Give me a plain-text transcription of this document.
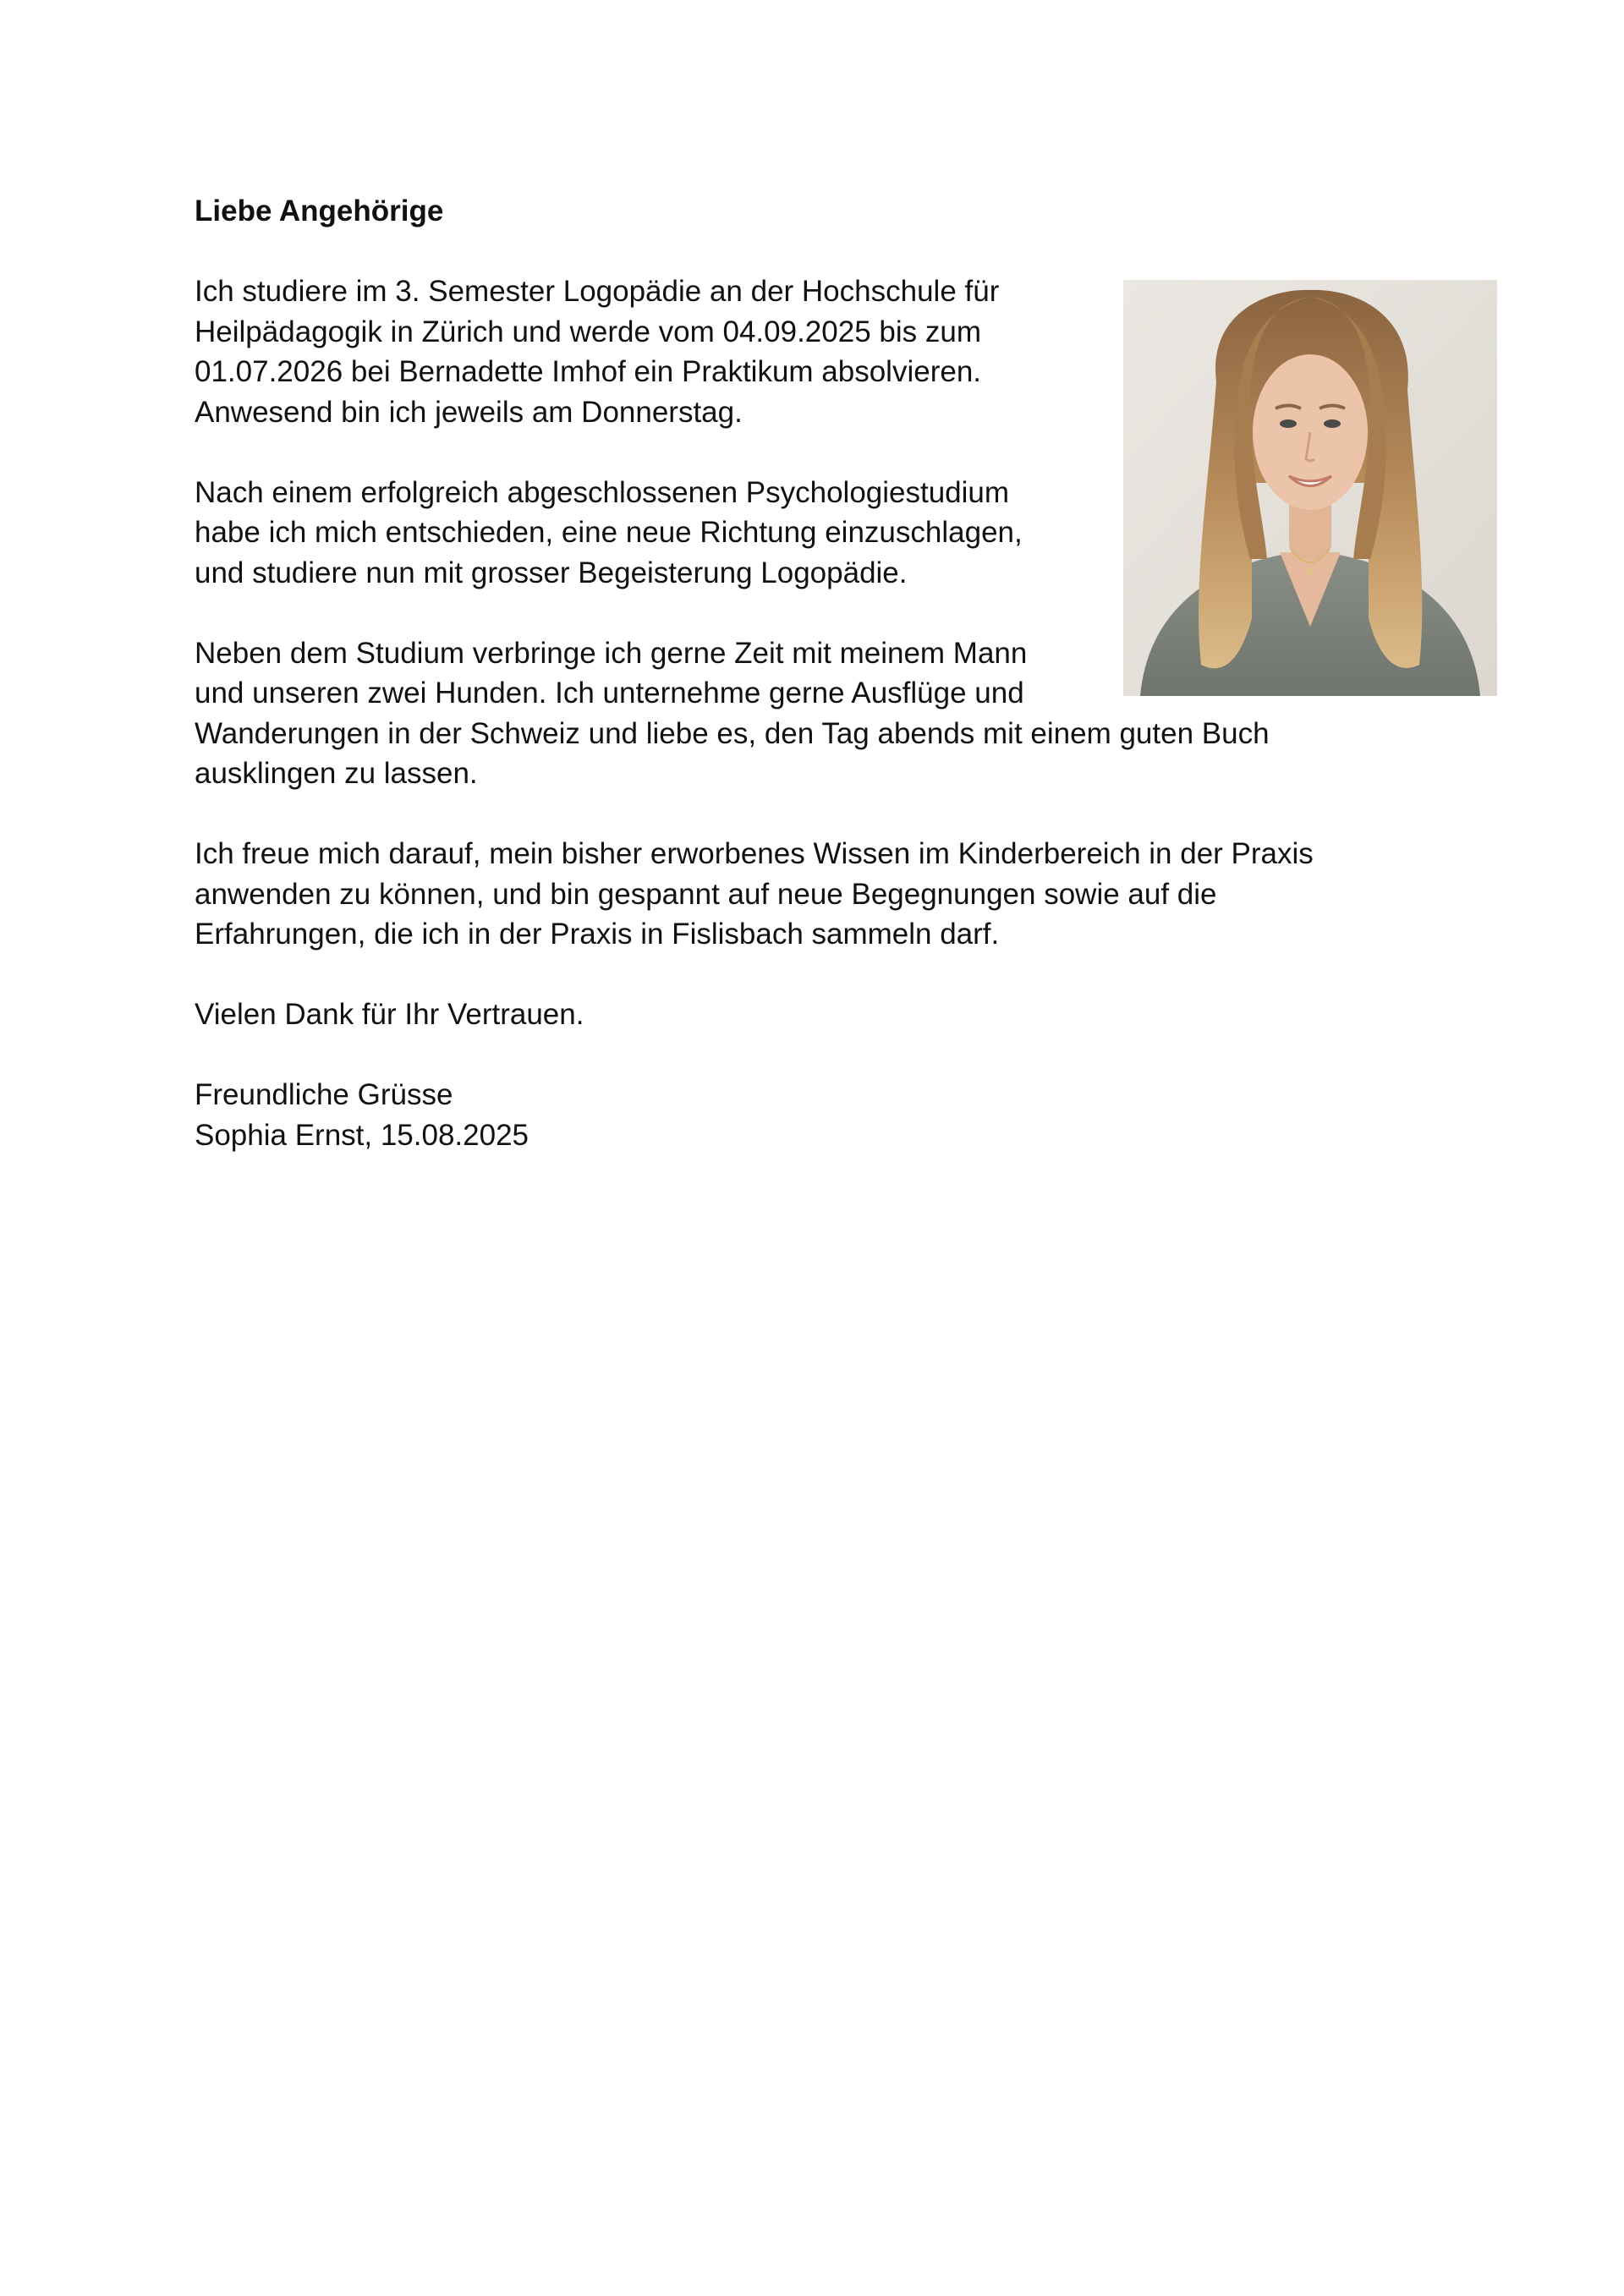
Liebe Angehörige

Ich studiere im 3. Semester Logopädie an der Hochschule für
Heilpädagogik in Zürich und werde vom 04.09.2025 bis zum
01.07.2026 bei Bernadette Imhof ein Praktikum absolvieren.
Anwesend bin ich jeweils am Donnerstag.

Nach einem erfolgreich abgeschlossenen Psychologiestudium
habe ich mich entschieden, eine neue Richtung einzuschlagen,
und studiere nun mit grosser Begeisterung Logopädie.

Neben dem Studium verbringe ich gerne Zeit mit meinem Mann
und unseren zwei Hunden. Ich unternehme gerne Ausflüge und
Wanderungen in der Schweiz und liebe es, den Tag abends mit einem guten Buch
ausklingen zu lassen.

Ich freue mich darauf, mein bisher erworbenes Wissen im Kinderbereich in der Praxis
anwenden zu können, und bin gespannt auf neue Begegnungen sowie auf die
Erfahrungen, die ich in der Praxis in Fislisbach sammeln darf.

Vielen Dank für Ihr Vertrauen.

Freundliche Grüsse

Sophia Ernst, 15.08.2025
